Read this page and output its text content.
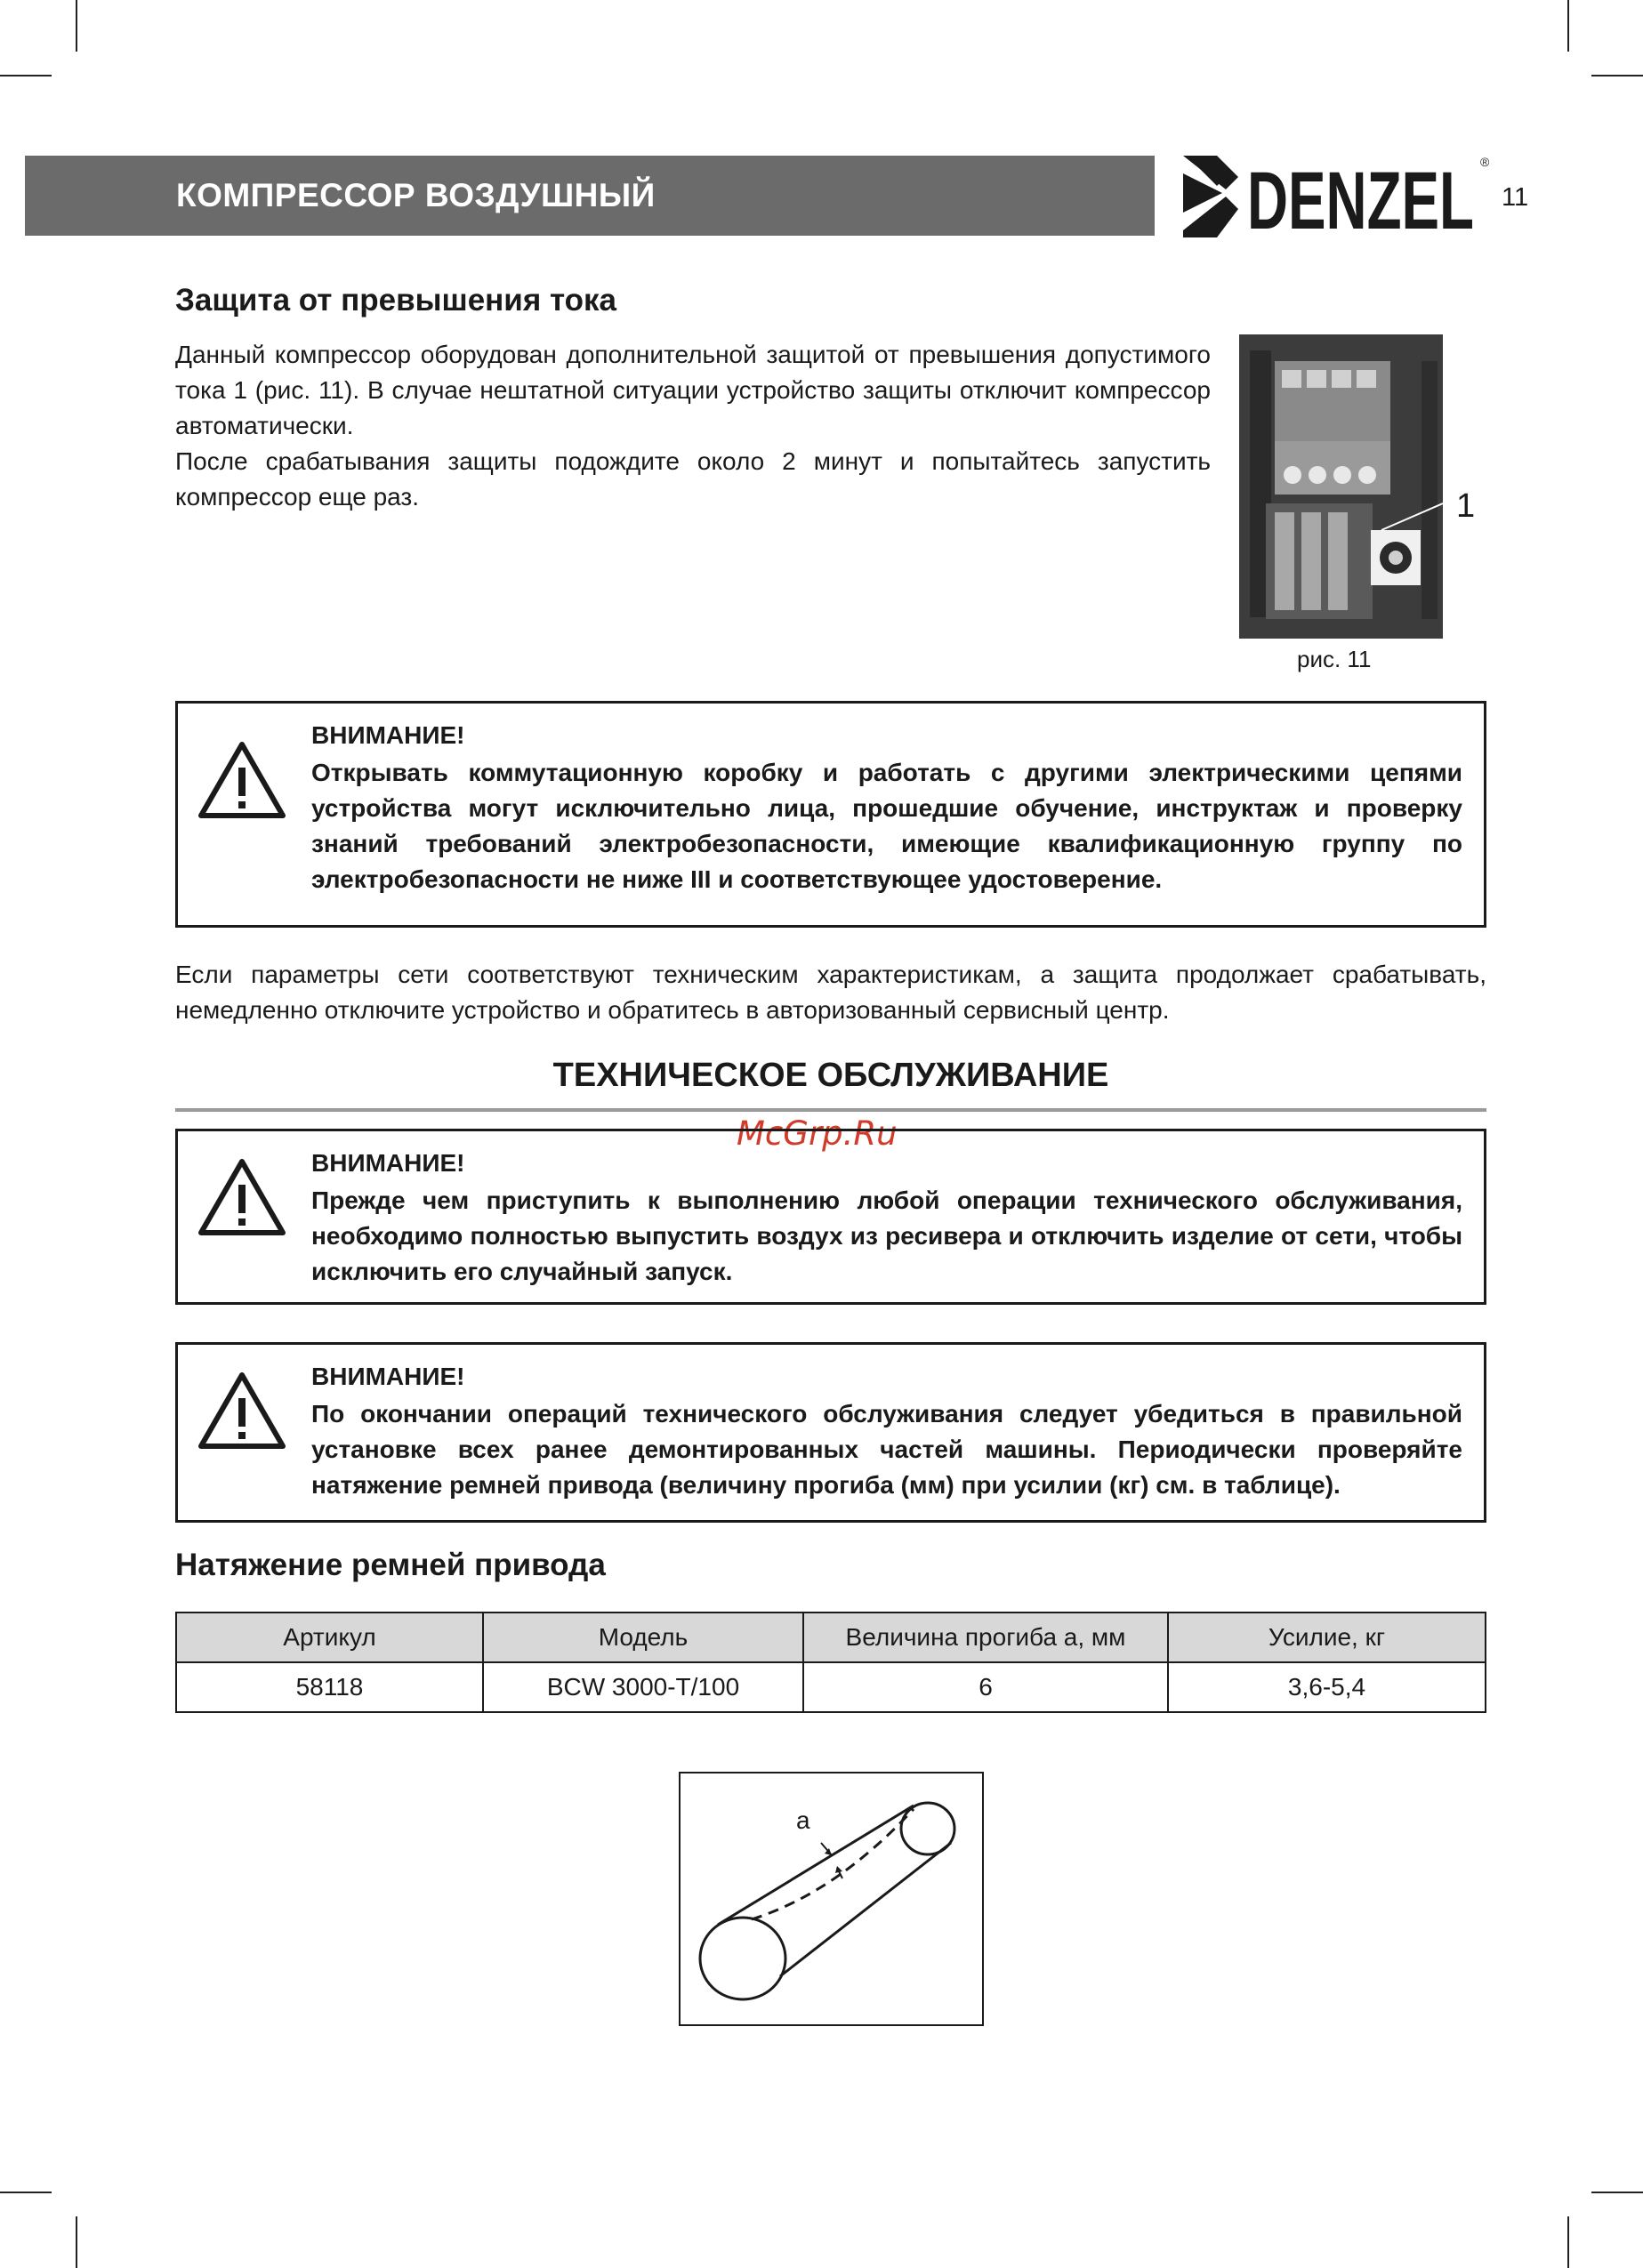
КОМПРЕССОР ВОЗДУШНЫЙ	DENZEL ®
11
Защита от превышения тока
Данный компрессор оборудован дополнительной защитой от превышения допустимого тока 1 (рис. 11). В случае нештатной ситуации устройство защиты отключит компрессор автоматически.
После срабатывания защиты подождите около 2 минут и попытайтесь запустить компрессор еще раз.	1
рис. 11
ВНИМАНИЕ!
Открывать коммутационную коробку и работать с другими электрическими цепями устройства могут исключительно лица, прошедшие обучение, инструктаж и проверку знаний требований электробезопасности, имеющие квалификационную группу по электробезопасности не ниже III и соответствующее удостоверение.
Если параметры сети соответствуют техническим характеристикам, а защита продолжает срабатывать, немедленно отключите устройство и обратитесь в авторизованный сервисный центр.
ТЕХНИЧЕСКОЕ ОБСЛУЖИВАНИЕ
McGrp.Ru
ВНИМАНИЕ!
Прежде чем приступить к выполнению любой операции технического обслуживания, необходимо полностью выпустить воздух из ресивера и отключить изделие от сети, чтобы исключить его случайный запуск.
ВНИМАНИЕ!
По окончании операций технического обслуживания следует убедиться в правильной установке всех ранее демонтированных частей машины. Периодически проверяйте натяжение ремней привода (величину прогиба (мм) при усилии (кг) см. в таблице).
Натяжение ремней привода
Артикул	Модель	Величина прогиба а, мм	Усилие, кг
58118	BCW 3000-T/100	6	3,6-5,4
a
